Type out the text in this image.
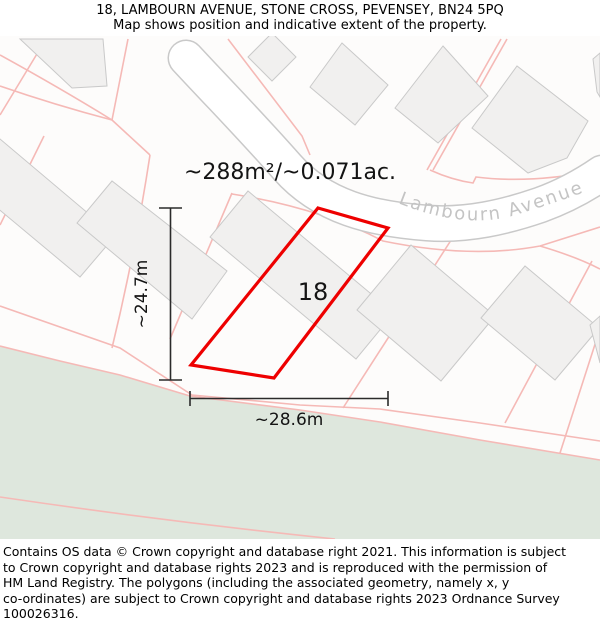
18, LAMBOURN AVENUE, STONE CROSS, PEVENSEY, BN24 5PQ
Map shows position and indicative extent of the property.
Lambourn Avenue
18
~288m²/~0.071ac.
~24.7m
~28.6m
Contains OS data © Crown copyright and database right 2021. This information is subject
to Crown copyright and database rights 2023 and is reproduced with the permission of
HM Land Registry. The polygons (including the associated geometry, namely x, y
co-ordinates) are subject to Crown copyright and database rights 2023 Ordnance Survey
100026316.
